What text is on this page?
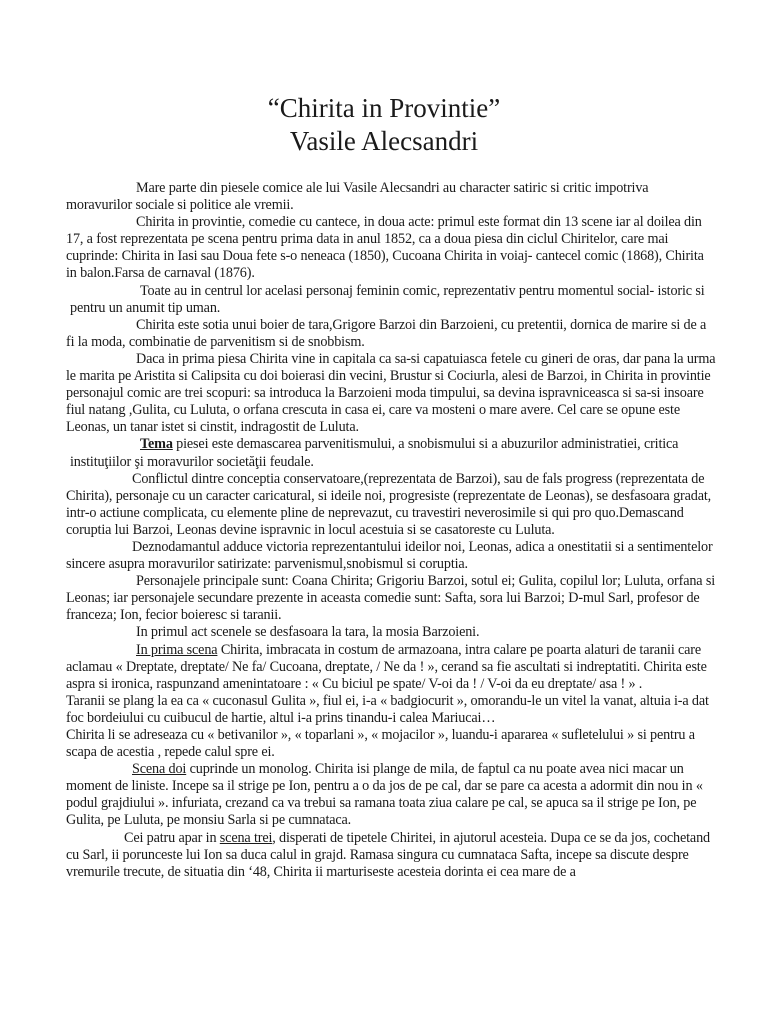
“Chirita in Provintie”
Vasile Alecsandri

Mare parte din piesele comice ale lui Vasile Alecsandri au character satiric si critic impotriva moravurilor sociale si politice ale vremii.

Chirita in provintie, comedie cu cantece, in doua acte: primul este format din 13 scene iar al doilea din 17, a fost reprezentata pe scena pentru prima data in anul 1852, ca a doua piesa din ciclul Chiritelor, care mai cuprinde: Chirita in Iasi sau Doua fete s-o neneaca (1850), Cucoana Chirita in voiaj- cantecel comic (1868), Chirita in balon.Farsa de carnaval (1876).

Toate au in centrul lor acelasi personaj feminin comic, reprezentativ pentru momentul social- istoric si pentru un anumit tip uman.

Chirita este sotia unui boier de tara,Grigore Barzoi din Barzoieni, cu pretentii, dornica de marire si de a fi la moda, combinatie de parvenitism si de snobbism.

Daca in prima piesa Chirita vine in capitala ca sa-si capatuiasca fetele cu gineri de oras, dar pana la urma le marita pe Aristita si Calipsita cu doi boierasi din vecini, Brustur si Cociurla, alesi de Barzoi, in Chirita in provintie personajul comic are trei scopuri: sa introduca la Barzoieni moda timpului, sa devina ispravniceasca si sa-si insoare fiul natang ,Gulita, cu Luluta, o orfana crescuta in casa ei, care va mosteni o mare avere. Cel care se opune este Leonas, un tanar istet si cinstit, indragostit de Luluta.

Tema piesei este demascarea parvenitismului, a snobismului si a abuzurilor administratiei, critica instituţiilor şi moravurilor societăţii feudale.

Conflictul dintre conceptia conservatoare,(reprezentata de Barzoi), sau de fals progress (reprezentata de Chirita), personaje cu un caracter caricatural, si ideile noi, progresiste (reprezentate de Leonas), se desfasoara gradat, intr-o actiune complicata, cu elemente pline de neprevazut, cu travestiri neverosimile si qui pro quo.Demascand coruptia lui Barzoi, Leonas devine ispravnic in locul acestuia si se casatoreste cu Luluta.

Deznodamantul adduce victoria reprezentantului ideilor noi, Leonas, adica a onestitatii si a sentimentelor sincere asupra moravurilor satirizate: parvenismul,snobismul si coruptia.

Personajele principale sunt: Coana Chirita; Grigoriu Barzoi, sotul ei; Gulita, copilul lor; Luluta, orfana si Leonas; iar personajele secundare prezente in aceasta comedie sunt: Safta, sora lui Barzoi; D-mul Sarl, profesor de franceza; Ion, fecior boieresc si taranii.

In primul act scenele se desfasoara la tara, la mosia Barzoieni.

In prima scena Chirita, imbracata in costum de armazoana, intra calare pe poarta alaturi de taranii care aclamau « Dreptate, dreptate/ Ne fa/ Cucoana, dreptate, / Ne da ! », cerand sa fie ascultati si indreptatiti. Chirita este aspra si ironica, raspunzand amenintatoare : « Cu biciul pe spate/ V-oi da ! / V-oi da eu dreptate/ asa ! » .

Taranii se plang la ea ca « cuconasul Gulita », fiul ei, i-a « badgiocurit », omorandu-le un vitel la vanat, altuia i-a dat foc bordeiului cu cuibucul de hartie, altul i-a prins tinandu-i calea Mariucai…

Chirita li se adreseaza cu « betivanilor », « toparlani », « mojacilor », luandu-i apararea « sufletelului » si pentru a scapa de acestia , repede calul spre ei.

Scena doi cuprinde un monolog. Chirita isi plange de mila, de faptul ca nu poate avea nici macar un moment de liniste. Incepe sa il strige pe Ion, pentru a o da jos de pe cal, dar se pare ca acesta a adormit din nou in « podul grajdiului ». infuriata, crezand ca va trebui sa ramana toata ziua calare pe cal, se apuca sa il strige pe Ion, pe Gulita, pe Luluta, pe monsiu Sarla si pe cumnataca.

Cei patru apar in scena trei, disperati de tipetele Chiritei, in ajutorul acesteia. Dupa ce se da jos, cochetand cu Sarl, ii porunceste lui Ion sa duca calul in grajd. Ramasa singura cu cumnataca Safta, incepe sa discute despre vremurile trecute, de situatia din ‘48, Chirita ii marturiseste acesteia dorinta ei cea mare de a
